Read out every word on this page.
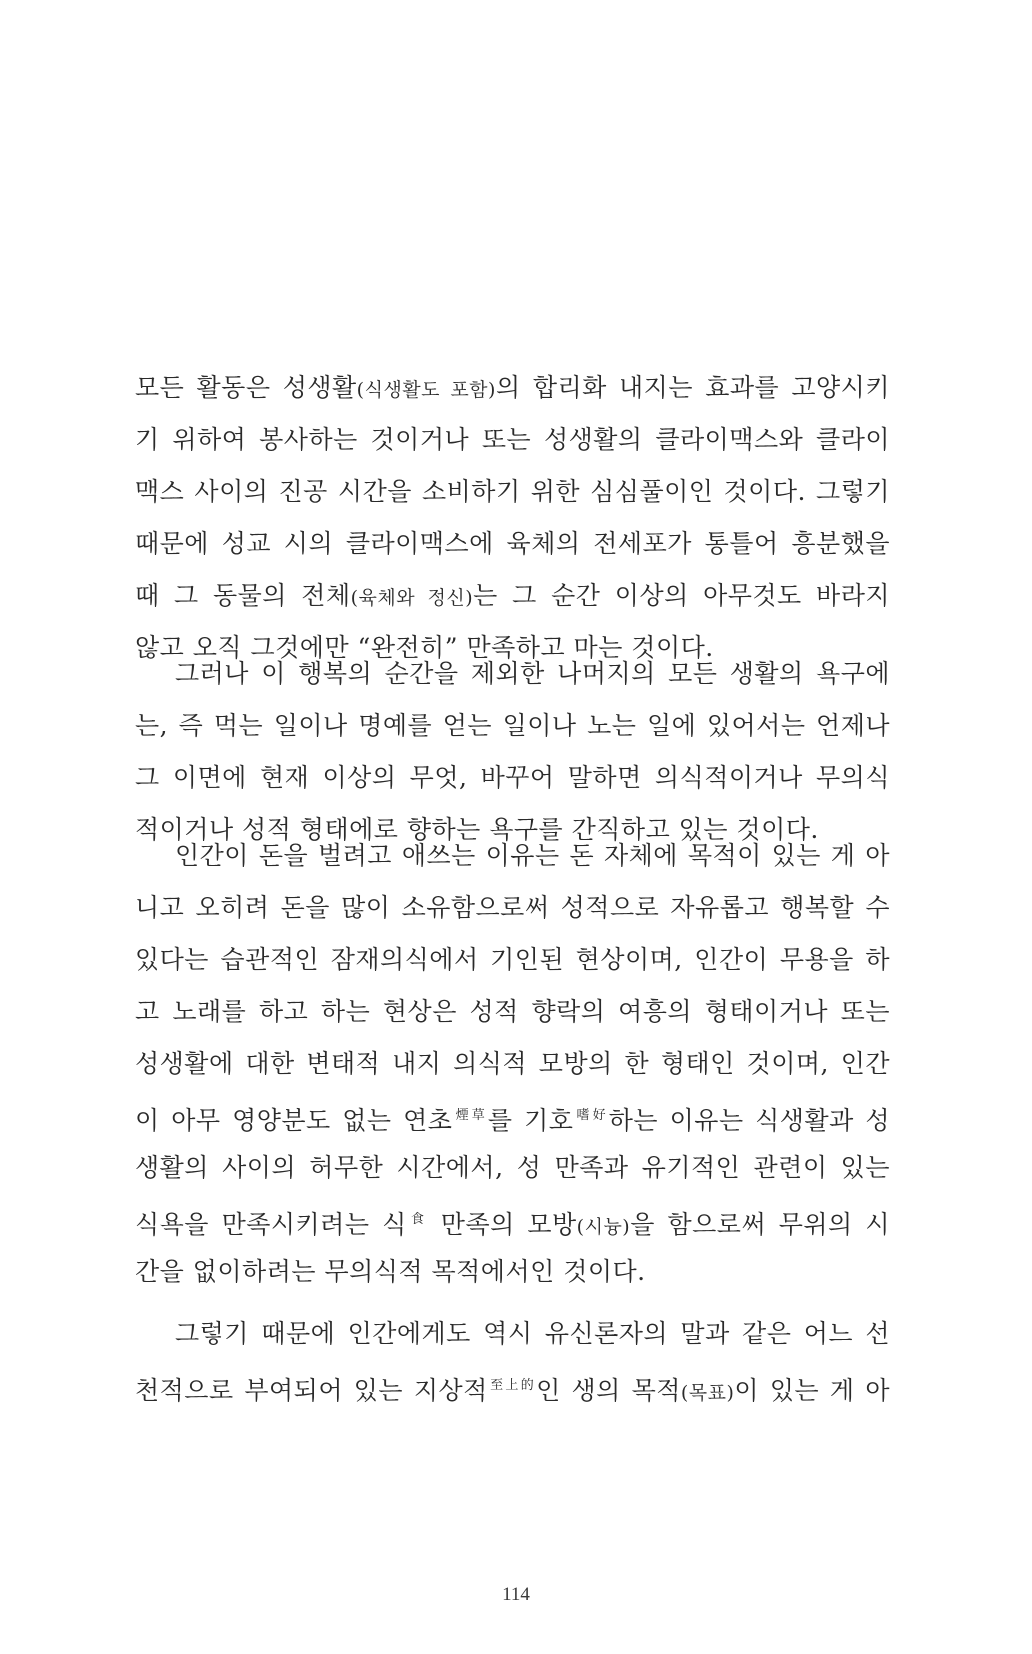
모든 활동은 성생활(식생활도 포함)의 합리화 내지는 효과를 고양시키
기 위하여 봉사하는 것이거나 또는 성생활의 클라이맥스와 클라이
맥스 사이의 진공 시간을 소비하기 위한 심심풀이인 것이다. 그렇기
때문에 성교 시의 클라이맥스에 육체의 전세포가 통틀어 흥분했을
때 그 동물의 전체(육체와 정신)는 그 순간 이상의 아무것도 바라지
않고 오직 그것에만 “완전히” 만족하고 마는 것이다.
그러나 이 행복의 순간을 제외한 나머지의 모든 생활의 욕구에
는, 즉 먹는 일이나 명예를 얻는 일이나 노는 일에 있어서는 언제나
그 이면에 현재 이상의 무엇, 바꾸어 말하면 의식적이거나 무의식
적이거나 성적 형태에로 향하는 욕구를 간직하고 있는 것이다.
인간이 돈을 벌려고 애쓰는 이유는 돈 자체에 목적이 있는 게 아
니고 오히려 돈을 많이 소유함으로써 성적으로 자유롭고 행복할 수
있다는 습관적인 잠재의식에서 기인된 현상이며, 인간이 무용을 하
고 노래를 하고 하는 현상은 성적 향락의 여흥의 형태이거나 또는
성생활에 대한 변태적 내지 의식적 모방의 한 형태인 것이며, 인간
이 아무 영양분도 없는 연초$^{煙草}$를 기호$^{嗜好}$하는 이유는 식생활과 성
생활의 사이의 허무한 시간에서, 성 만족과 유기적인 관련이 있는
식욕을 만족시키려는 식$^食$ 만족의 모방(시늉)을 함으로써 무위의 시
간을 없이하려는 무의식적 목적에서인 것이다.
그렇기 때문에 인간에게도 역시 유신론자의 말과 같은 어느 선
천적으로 부여되어 있는 지상적$^{至上的}$인 생의 목적(목표)이 있는 게 아
114
